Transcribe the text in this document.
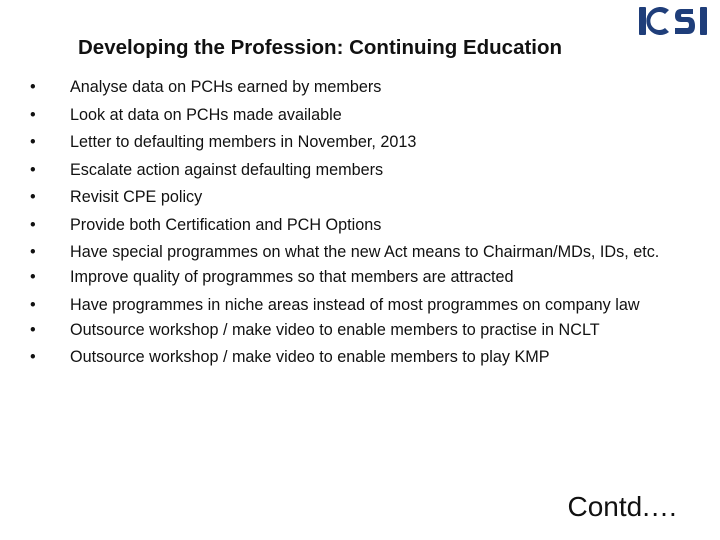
Developing the Profession: Continuing Education
• Analyse data on PCHs earned by members
• Look at data on PCHs made available
• Letter to defaulting members in November, 2013
• Escalate action against defaulting members
• Revisit CPE policy
• Provide both Certification and PCH Options
• Have special programmes on what the new Act means to Chairman/MDs, IDs, etc.
• Improve quality of programmes so that members are attracted
• Have programmes in niche areas instead of most programmes on company law
• Outsource workshop / make video to enable members to practise in NCLT
• Outsource workshop / make video to enable members to play KMP
Contd.…
